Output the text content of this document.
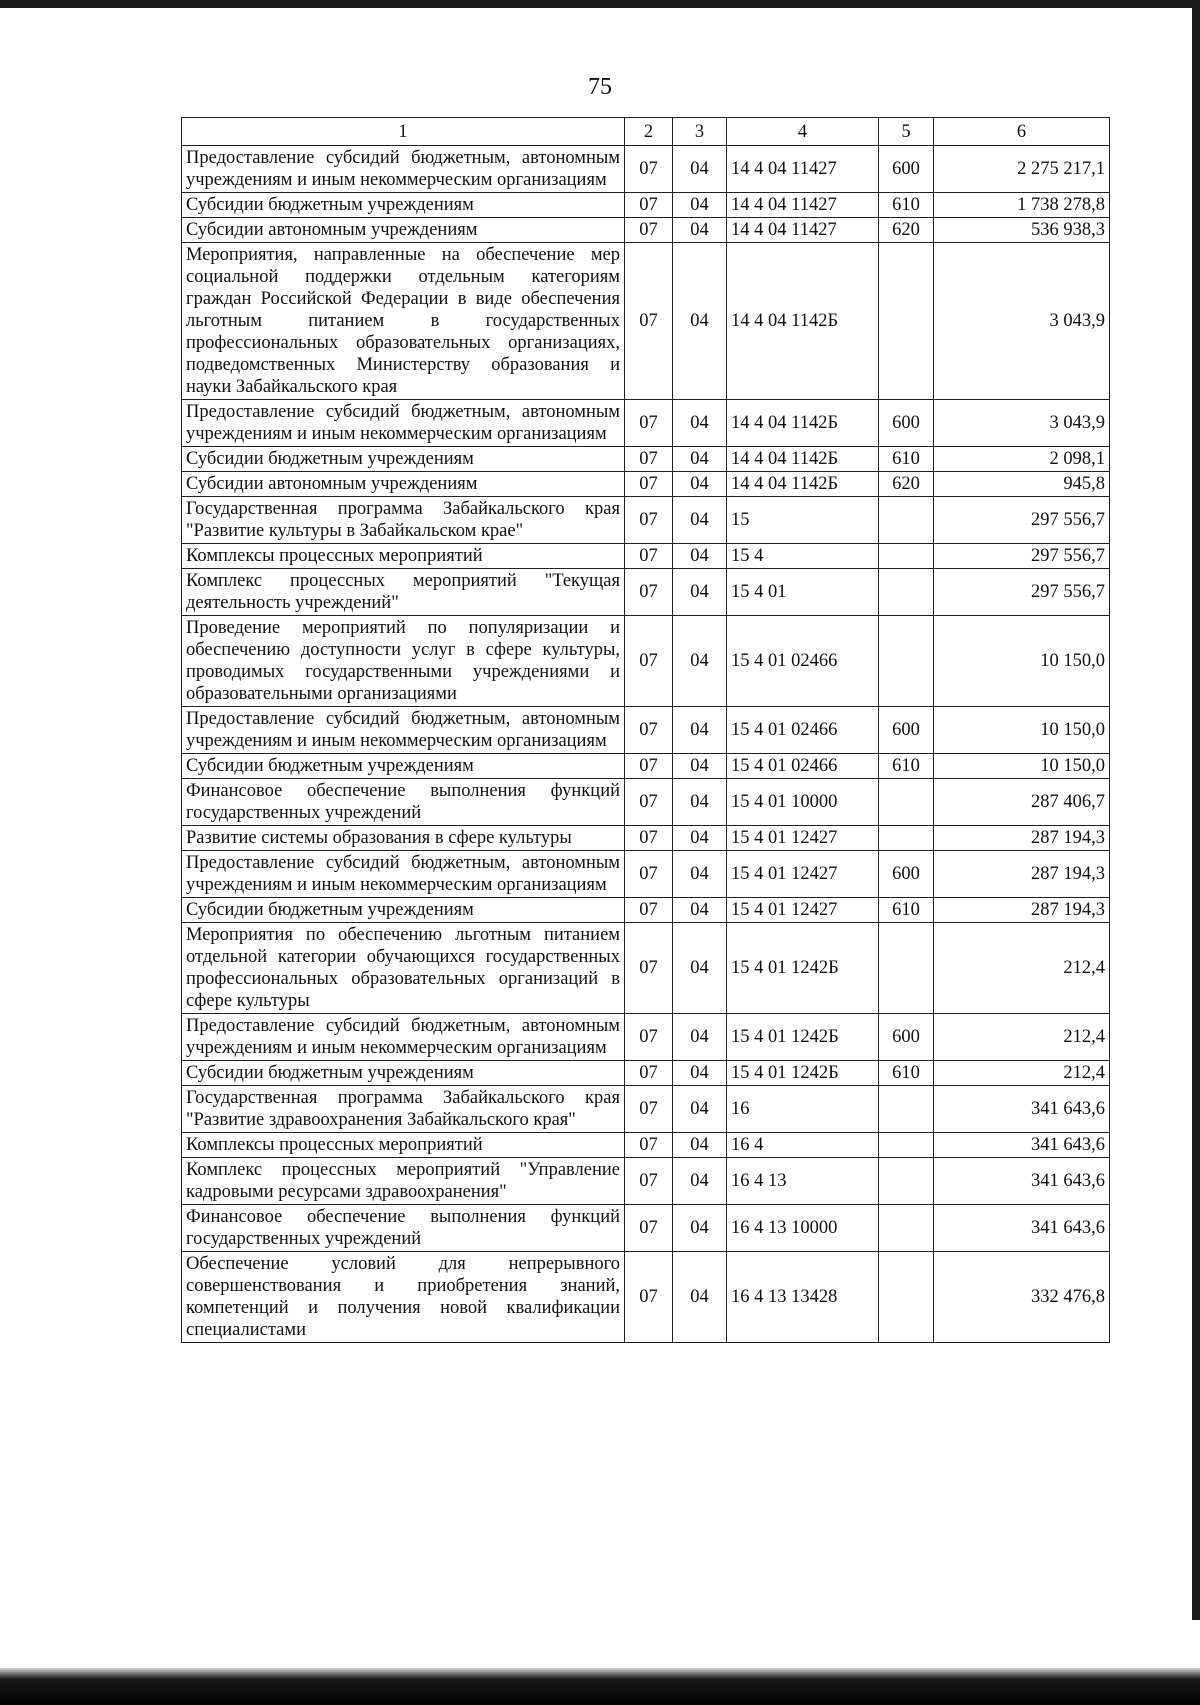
75
1	2	3	4	5	6
Предоставление субсидий бюджетным, автономным учреждениям и иным некоммерческим организациям	07	04	14 4 04 11427	600	2 275 217,1
Субсидии бюджетным учреждениям	07	04	14 4 04 11427	610	1 738 278,8
Субсидии автономным учреждениям	07	04	14 4 04 11427	620	536 938,3
Мероприятия, направленные на обеспечение мер социальной поддержки отдельным категориям граждан Российской Федерации в виде обеспечения льготным питанием в государственных профессиональных образовательных организациях, подведомственных Министерству образования и науки Забайкальского края	07	04	14 4 04 1142Б		3 043,9
Предоставление субсидий бюджетным, автономным учреждениям и иным некоммерческим организациям	07	04	14 4 04 1142Б	600	3 043,9
Субсидии бюджетным учреждениям	07	04	14 4 04 1142Б	610	2 098,1
Субсидии автономным учреждениям	07	04	14 4 04 1142Б	620	945,8
Государственная программа Забайкальского края "Развитие культуры в Забайкальском крае"	07	04	15		297 556,7
Комплексы процессных мероприятий	07	04	15 4		297 556,7
Комплекс процессных мероприятий "Текущая деятельность учреждений"	07	04	15 4 01		297 556,7
Проведение мероприятий по популяризации и обеспечению доступности услуг в сфере культуры, проводимых государственными учреждениями и образовательными организациями	07	04	15 4 01 02466		10 150,0
Предоставление субсидий бюджетным, автономным учреждениям и иным некоммерческим организациям	07	04	15 4 01 02466	600	10 150,0
Субсидии бюджетным учреждениям	07	04	15 4 01 02466	610	10 150,0
Финансовое обеспечение выполнения функций государственных учреждений	07	04	15 4 01 10000		287 406,7
Развитие системы образования в сфере культуры	07	04	15 4 01 12427		287 194,3
Предоставление субсидий бюджетным, автономным учреждениям и иным некоммерческим организациям	07	04	15 4 01 12427	600	287 194,3
Субсидии бюджетным учреждениям	07	04	15 4 01 12427	610	287 194,3
Мероприятия по обеспечению льготным питанием отдельной категории обучающихся государственных профессиональных образовательных организаций в сфере культуры	07	04	15 4 01 1242Б		212,4
Предоставление субсидий бюджетным, автономным учреждениям и иным некоммерческим организациям	07	04	15 4 01 1242Б	600	212,4
Субсидии бюджетным учреждениям	07	04	15 4 01 1242Б	610	212,4
Государственная программа Забайкальского края "Развитие здравоохранения Забайкальского края"	07	04	16		341 643,6
Комплексы процессных мероприятий	07	04	16 4		341 643,6
Комплекс процессных мероприятий "Управление кадровыми ресурсами здравоохранения"	07	04	16 4 13		341 643,6
Финансовое обеспечение выполнения функций государственных учреждений	07	04	16 4 13 10000		341 643,6
Обеспечение условий для непрерывного совершенствования и приобретения знаний, компетенций и получения новой квалификации специалистами	07	04	16 4 13 13428		332 476,8
